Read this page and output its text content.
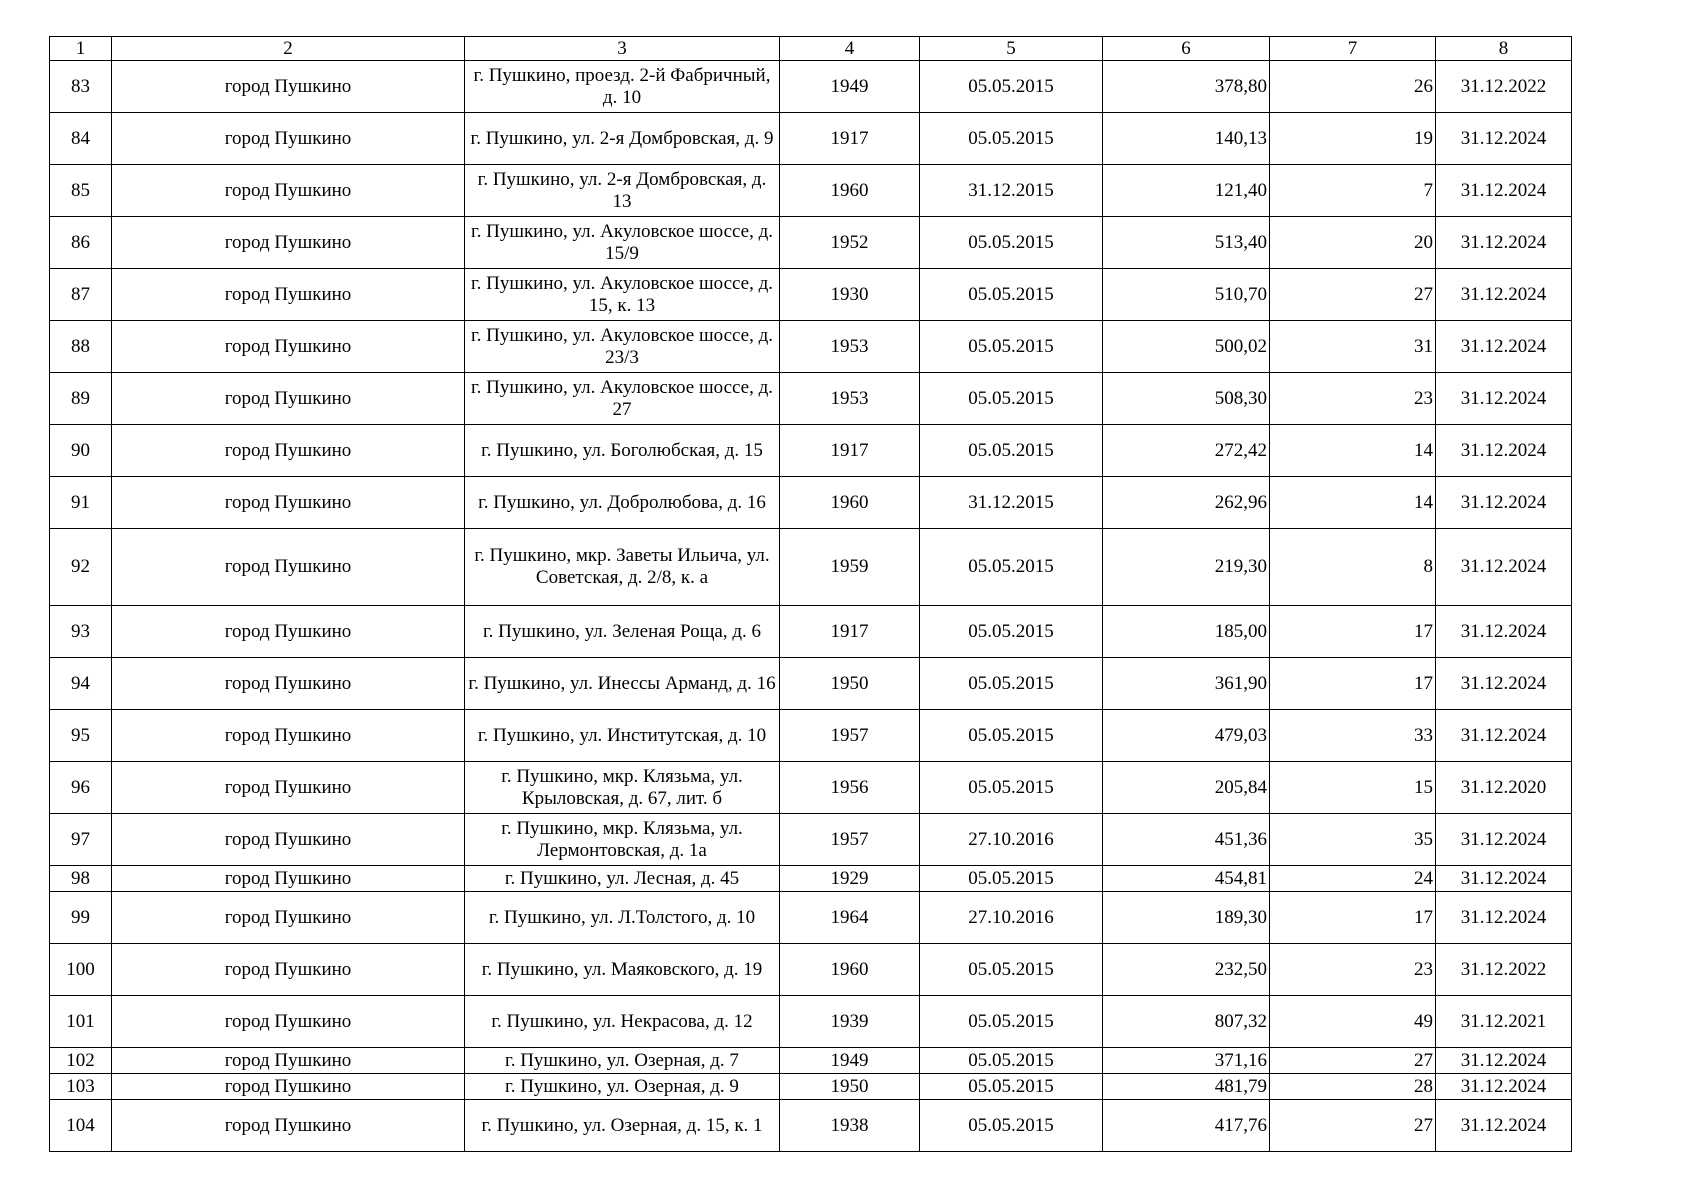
1	2	3	4	5	6	7	8
83	город Пушкино	г. Пушкино, проезд. 2-й Фабричный, д. 10	1949	05.05.2015	378,80	26	31.12.2022
84	город Пушкино	г. Пушкино, ул. 2-я Домбровская, д. 9	1917	05.05.2015	140,13	19	31.12.2024
85	город Пушкино	г. Пушкино, ул. 2-я Домбровская, д. 13	1960	31.12.2015	121,40	7	31.12.2024
86	город Пушкино	г. Пушкино, ул. Акуловское шоссе, д. 15/9	1952	05.05.2015	513,40	20	31.12.2024
87	город Пушкино	г. Пушкино, ул. Акуловское шоссе, д. 15, к. 13	1930	05.05.2015	510,70	27	31.12.2024
88	город Пушкино	г. Пушкино, ул. Акуловское шоссе, д. 23/3	1953	05.05.2015	500,02	31	31.12.2024
89	город Пушкино	г. Пушкино, ул. Акуловское шоссе, д. 27	1953	05.05.2015	508,30	23	31.12.2024
90	город Пушкино	г. Пушкино, ул. Боголюбская, д. 15	1917	05.05.2015	272,42	14	31.12.2024
91	город Пушкино	г. Пушкино, ул. Добролюбова, д. 16	1960	31.12.2015	262,96	14	31.12.2024
92	город Пушкино	г. Пушкино, мкр. Заветы Ильича, ул. Советская, д. 2/8, к. а	1959	05.05.2015	219,30	8	31.12.2024
93	город Пушкино	г. Пушкино, ул. Зеленая Роща, д. 6	1917	05.05.2015	185,00	17	31.12.2024
94	город Пушкино	г. Пушкино, ул. Инессы Арманд, д. 16	1950	05.05.2015	361,90	17	31.12.2024
95	город Пушкино	г. Пушкино, ул. Институтская, д. 10	1957	05.05.2015	479,03	33	31.12.2024
96	город Пушкино	г. Пушкино, мкр. Клязьма, ул. Крыловская, д. 67, лит. б	1956	05.05.2015	205,84	15	31.12.2020
97	город Пушкино	г. Пушкино, мкр. Клязьма, ул. Лермонтовская, д. 1а	1957	27.10.2016	451,36	35	31.12.2024
98	город Пушкино	г. Пушкино, ул. Лесная, д. 45	1929	05.05.2015	454,81	24	31.12.2024
99	город Пушкино	г. Пушкино, ул. Л.Толстого, д. 10	1964	27.10.2016	189,30	17	31.12.2024
100	город Пушкино	г. Пушкино, ул. Маяковского, д. 19	1960	05.05.2015	232,50	23	31.12.2022
101	город Пушкино	г. Пушкино, ул. Некрасова, д. 12	1939	05.05.2015	807,32	49	31.12.2021
102	город Пушкино	г. Пушкино, ул. Озерная, д. 7	1949	05.05.2015	371,16	27	31.12.2024
103	город Пушкино	г. Пушкино, ул. Озерная, д. 9	1950	05.05.2015	481,79	28	31.12.2024
104	город Пушкино	г. Пушкино, ул. Озерная, д. 15, к. 1	1938	05.05.2015	417,76	27	31.12.2024
